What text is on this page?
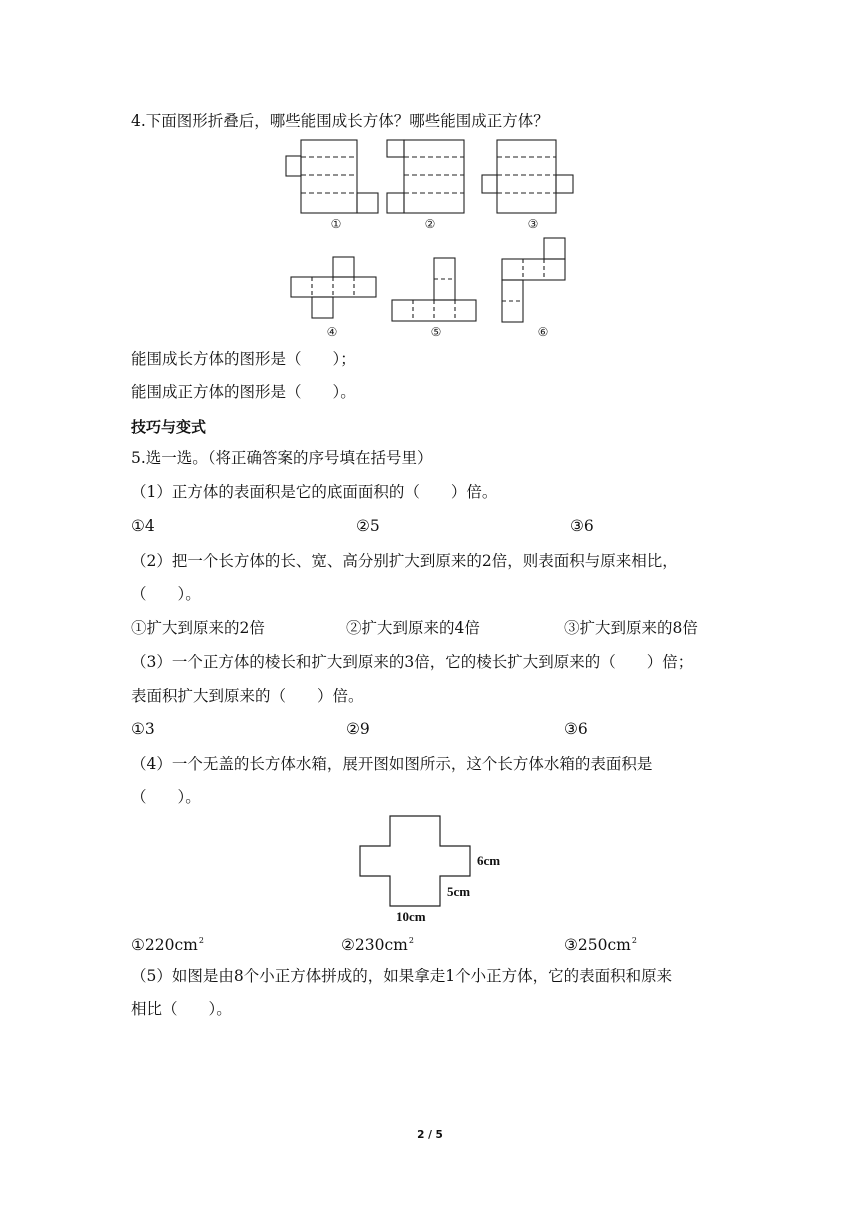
4.下面图形折叠后，哪些能围成长方体？哪些能围成正方体？
①	②	③
④	⑤	⑥
6cm
5cm
10cm
能围成长方体的图形是（　　）；
能围成正方体的图形是（　　）。
技巧与变式
5.选一选。（将正确答案的序号填在括号里）
（1）正方体的表面积是它的底面面积的（　　）倍。
①4	②5	③6
（2）把一个长方体的长、宽、高分别扩大到原来的2倍，则表面积与原来相比，
（　　）。
①扩大到原来的2倍	②扩大到原来的4倍	③扩大到原来的8倍
（3）一个正方体的棱长和扩大到原来的3倍，它的棱长扩大到原来的（　　）倍；
表面积扩大到原来的（　　）倍。
①3	②9	③6
（4）一个无盖的长方体水箱，展开图如图所示，这个长方体水箱的表面积是
（　　）。
$①220cm^2$	$②230cm^2$	$③250cm^2$
（5）如图是由8个小正方体拼成的，如果拿走1个小正方体，它的表面积和原来
相比（　　）。
2 / 5
